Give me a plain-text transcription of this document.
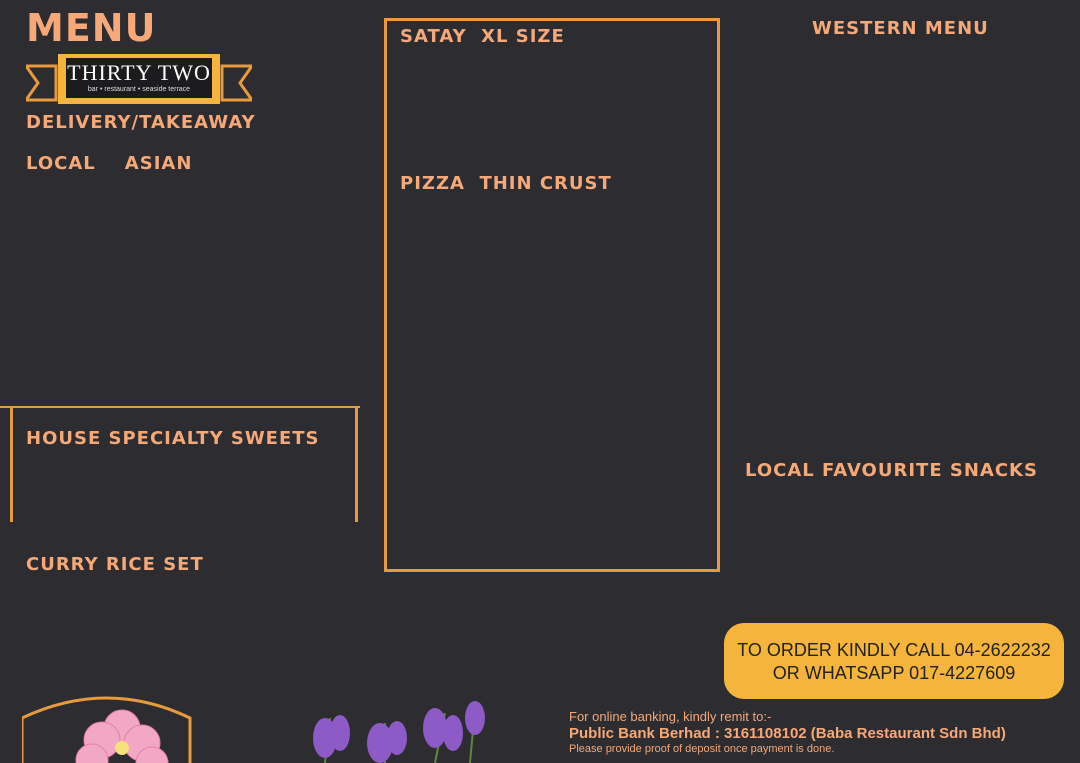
MENU
THIRTY TWO
bar • restaurant • seaside terrace
DELIVERY/TAKEAWAY
LOCAL    ASIAN
HOUSE SPECIALTY SWEETS
CURRY RICE SET
SATAY  XL SIZE
PIZZA  THIN CRUST
WESTERN MENU
LOCAL FAVOURITE SNACKS
TO ORDER KINDLY CALL 04-2622232
OR WHATSAPP 017-4227609
For online banking, kindly remit to:-
Public Bank Berhad : 3161108102 (Baba Restaurant Sdn Bhd)
Please provide proof of deposit once payment is done.
